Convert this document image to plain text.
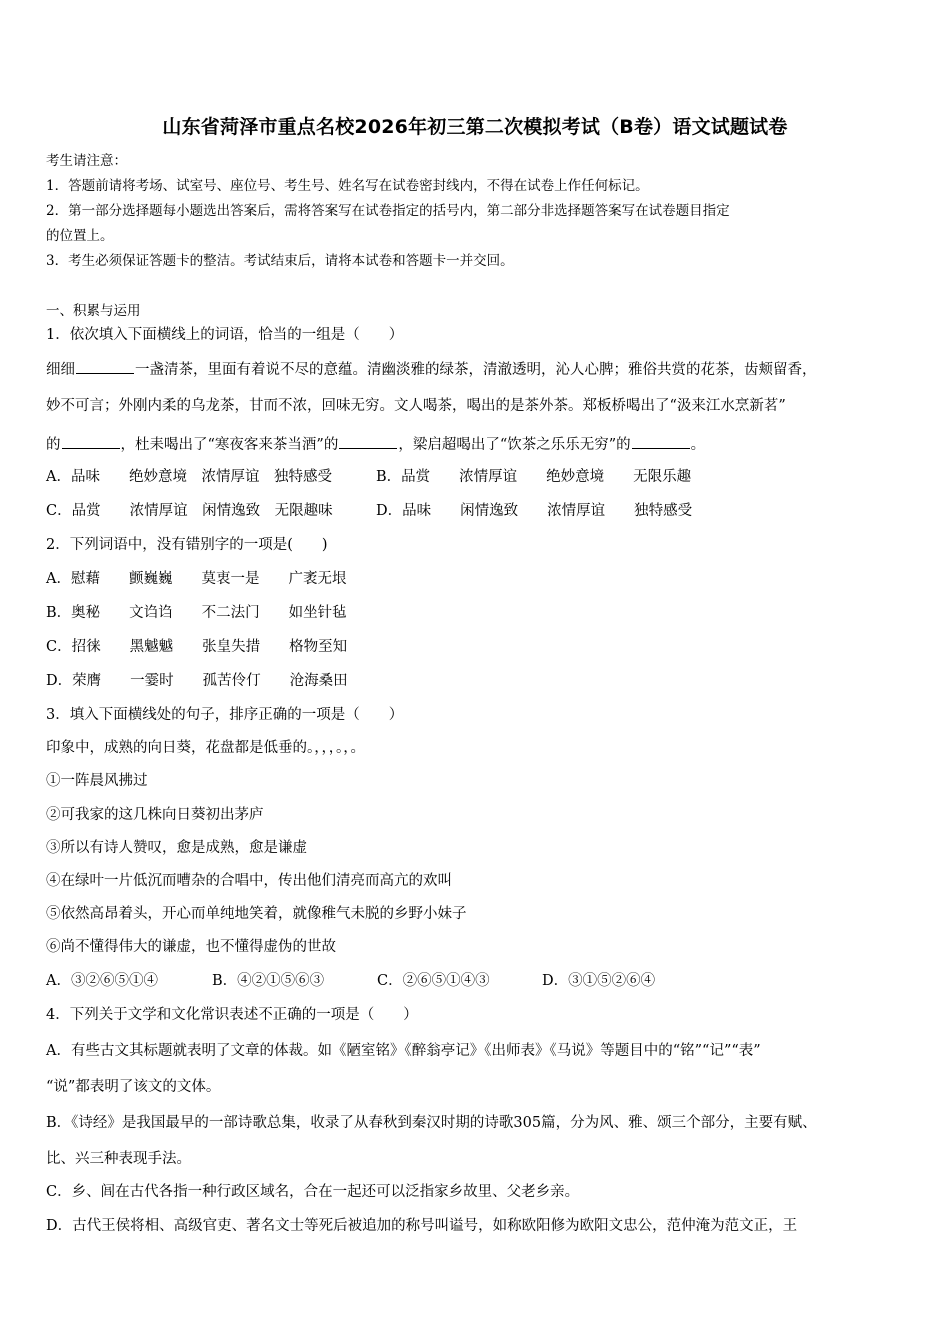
山东省菏泽市重点名校2026年初三第二次模拟考试（B卷）语文试题试卷
考生请注意：
1．答题前请将考场、试室号、座位号、考生号、姓名写在试卷密封线内，不得在试卷上作任何标记。
2．第一部分选择题每小题选出答案后，需将答案写在试卷指定的括号内，第二部分非选择题答案写在试卷题目指定
的位置上。
3．考生必须保证答题卡的整洁。考试结束后，请将本试卷和答题卡一并交回。
一、积累与运用
1．依次填入下面横线上的词语，恰当的一组是（　　）
细细	一盏清茶，里面有着说不尽的意蕴。清幽淡雅的绿茶，清澈透明，沁人心脾；雅俗共赏的花茶，齿颊留香，
妙不可言；外刚内柔的乌龙茶，甘而不浓，回味无穷。文人喝茶，喝出的是茶外茶。郑板桥喝出了“汲来江水烹新茗”
的	，杜耒喝出了“寒夜客来茶当酒”的	，梁启超喝出了“饮茶之乐乐无穷”的	。
A．品味　　绝妙意境　浓情厚谊　独特感受	B．品赏　　浓情厚谊　　绝妙意境　　无限乐趣
C．品赏　　浓情厚谊　闲情逸致　无限趣味	D．品味　　闲情逸致　　浓情厚谊　　独特感受
2．下列词语中，没有错别字的一项是(　　)
A．慰藉　　颤巍巍　　莫衷一是　　广袤无垠
B．奥秘　　文诌诌　　不二法门　　如坐针毡
C．招徕　　黑魆魆　　张皇失措　　格物至知
D．荣膺　　一霎时　　孤苦伶仃　　沧海桑田
3．填入下面横线处的句子，排序正确的一项是（　　）
印象中，成熟的向日葵，花盘都是低垂的。，，，。，。
①一阵晨风拂过
②可我家的这几株向日葵初出茅庐
③所以有诗人赞叹，愈是成熟，愈是谦虚
④在绿叶一片低沉而嘈杂的合唱中，传出他们清亮而高亢的欢叫
⑤依然高昂着头，开心而单纯地笑着，就像稚气未脱的乡野小妹子
⑥尚不懂得伟大的谦虚，也不懂得虚伪的世故
A．③②⑥⑤①④	B．④②①⑤⑥③	C．②⑥⑤①④③	D．③①⑤②⑥④
4．下列关于文学和文化常识表述不正确的一项是（　　）
A．有些古文其标题就表明了文章的体裁。如《陋室铭》《醉翁亭记》《出师表》《马说》等题目中的“铭”“记”“表”
“说”都表明了该文的文体。
B．《诗经》是我国最早的一部诗歌总集，收录了从春秋到秦汉时期的诗歌305篇，分为风、雅、颂三个部分，主要有赋、
比、兴三种表现手法。
C．乡、闾在古代各指一种行政区域名，合在一起还可以泛指家乡故里、父老乡亲。
D．古代王侯将相、高级官吏、著名文士等死后被追加的称号叫谥号，如称欧阳修为欧阳文忠公，范仲淹为范文正，王
